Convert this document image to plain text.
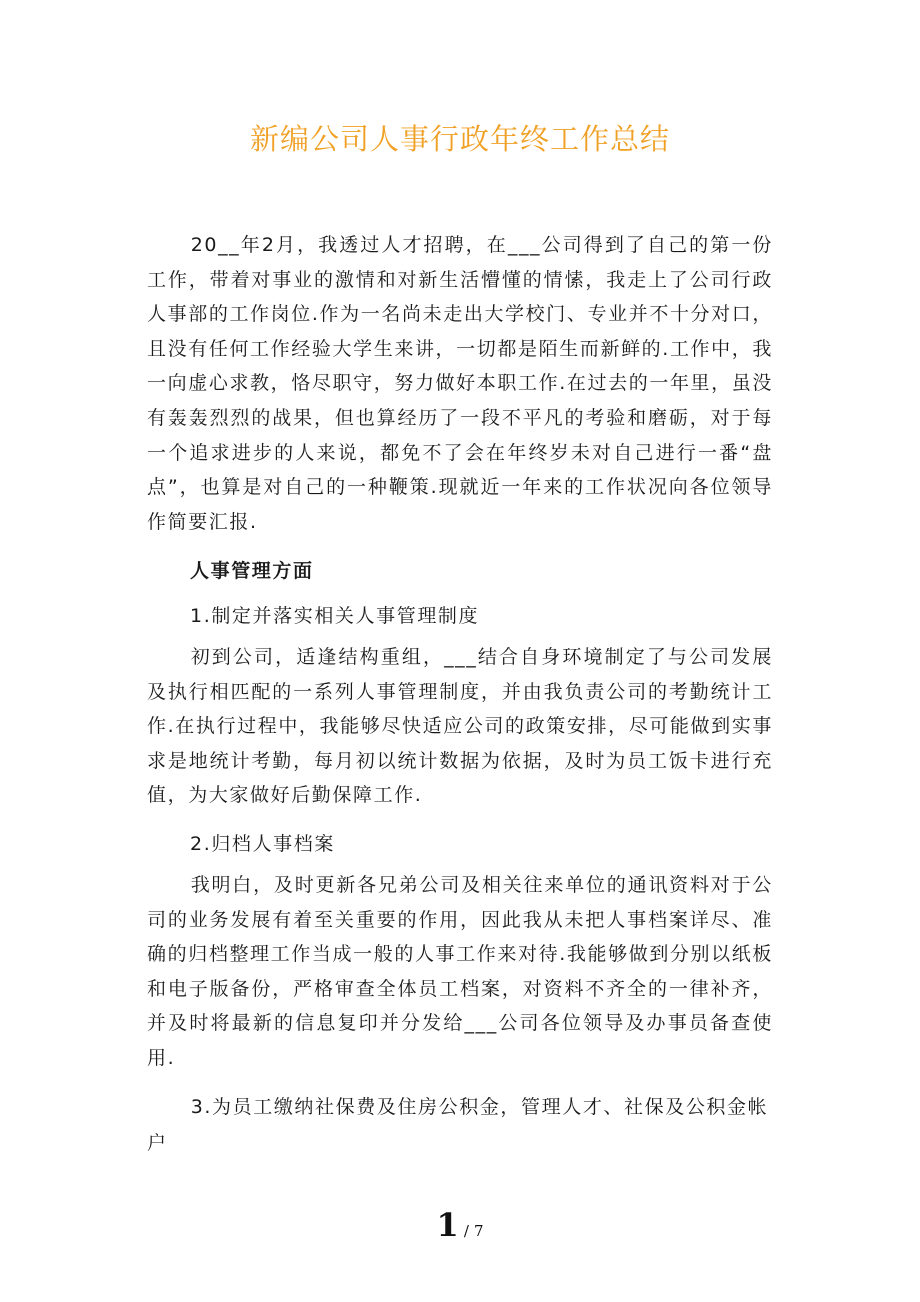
新编公司人事行政年终工作总结

20__年2月，我透过人才招聘，在___公司得到了自己的第一份工作，带着对事业的激情和对新生活懵懂的情愫，我走上了公司行政人事部的工作岗位.作为一名尚未走出大学校门、专业并不十分对口，且没有任何工作经验大学生来讲，一切都是陌生而新鲜的.工作中，我一向虚心求教，恪尽职守，努力做好本职工作.在过去的一年里，虽没有轰轰烈烈的战果，但也算经历了一段不平凡的考验和磨砺，对于每一个追求进步的人来说，都免不了会在年终岁未对自己进行一番“盘点”，也算是对自己的一种鞭策.现就近一年来的工作状况向各位领导作简要汇报.

人事管理方面
1.制定并落实相关人事管理制度

初到公司，适逢结构重组，___结合自身环境制定了与公司发展及执行相匹配的一系列人事管理制度，并由我负责公司的考勤统计工作.在执行过程中，我能够尽快适应公司的政策安排，尽可能做到实事求是地统计考勤，每月初以统计数据为依据，及时为员工饭卡进行充值，为大家做好后勤保障工作.

2.归档人事档案

我明白，及时更新各兄弟公司及相关往来单位的通讯资料对于公司的业务发展有着至关重要的作用，因此我从未把人事档案详尽、准确的归档整理工作当成一般的人事工作来对待.我能够做到分别以纸板和电子版备份，严格审查全体员工档案，对资料不齐全的一律补齐，并及时将最新的信息复印并分发给___公司各位领导及办事员备查使用.

3.为员工缴纳社保费及住房公积金，管理人才、社保及公积金帐户

1 / 7
